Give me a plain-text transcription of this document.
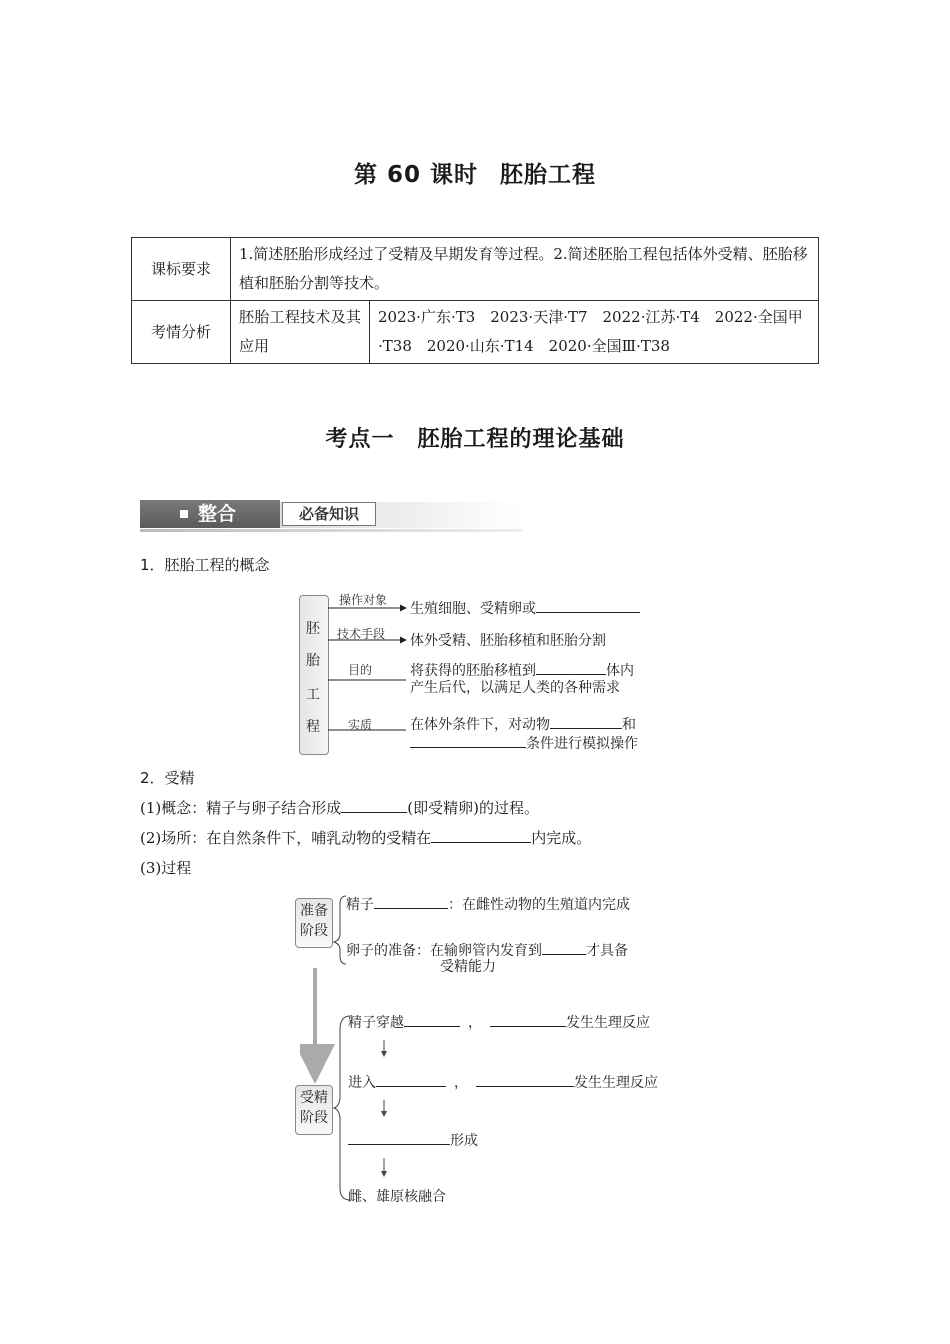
第 60 课时 胚胎工程
课标要求	1.简述胚胎形成经过了受精及早期发育等过程。2.简述胚胎工程包括体外受精、胚胎移植和胚胎分割等技术。	
考情分析	胚胎工程技术及其应用	2023·广东·T3　2023·天津·T7　2022·江苏·T4　2022·全国甲·T38　2020·山东·T14　2020·全国Ⅲ·T38
考点一　胚胎工程的理论基础
整合	必备知识
1．胚胎工程的概念
胚
胎
工
程
操作对象
技术手段
目的
实质
生殖细胞、受精卵或
体外受精、胚胎移植和胚胎分割
将获得的胚胎移植到	体内
产生后代，以满足人类的各种需求
在体外条件下，对动物	和
条件进行模拟操作
2．受精
(1)概念：精子与卵子结合形成	(即受精卵)的过程。
(2)场所：在自然条件下，哺乳动物的受精在	内完成。
(3)过程
准备
阶段
受精
阶段
精子	：在雌性动物的生殖道内完成
卵子的准备：在输卵管内发育到	才具备
受精能力
精子穿越	，	发生生理反应
进入	，	发生生理反应
形成
雌、雄原核融合
